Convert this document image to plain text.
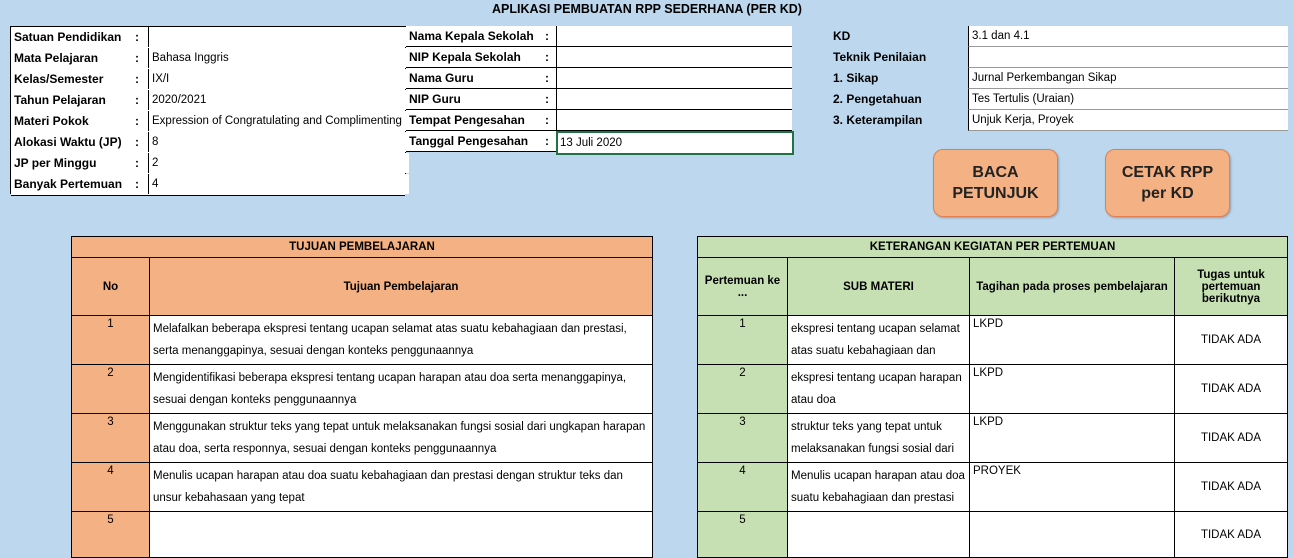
APLIKASI PEMBUATAN RPP SEDERHANA (PER KD)
Satuan Pendidikan	:
Mata Pelajaran	:	Bahasa Inggris
Kelas/Semester	:	IX/I
Tahun Pelajaran	:	2020/2021
Materi Pokok	:	Expression of Congratulating and Complimenting
Alokasi Waktu (JP)	:	8
JP per Minggu	:	2
Banyak Pertemuan	:	4
Nama Kepala Sekolah :
NIP Kepala Sekolah	:
Nama Guru	:
NIP Guru	:
Tempat Pengesahan	:
Tanggal Pengesahan	13 Juli 2020
:
KD	3.1 dan 4.1
Teknik Penilaian
1. Sikap	Jurnal Perkembangan Sikap
2. Pengetahuan	Tes Tertulis (Uraian)
3. Keterampilan	Unjuk Kerja, Proyek
BACA PETUNJUK
CETAK RPP per KD
TUJUAN PEMBELAJARAN	
No	Tujuan Pembelajaran
1	Melafalkan beberapa ekspresi tentang ucapan selamat atas suatu kebahagiaan dan prestasi, serta menanggapinya, sesuai dengan konteks penggunaannya
2	Mengidentifikasi beberapa ekspresi tentang ucapan harapan atau doa serta menanggapinya, sesuai dengan konteks penggunaannya
3	Menggunakan struktur teks yang tepat untuk melaksanakan fungsi sosial dari ungkapan harapan atau doa, serta responnya, sesuai dengan konteks penggunaannya
4	Menulis ucapan harapan atau doa suatu kebahagiaan dan prestasi dengan struktur teks dan unsur kebahasaan yang tepat
5	
KETERANGAN KEGIATAN PER PERTEMUAN			
Pertemuan ke ...	SUB MATERI	Tagihan pada proses pembelajaran	Tugas untuk pertemuan berikutnya
1	ekspresi tentang ucapan selamat atas suatu kebahagiaan dan	LKPD	TIDAK ADA
2	ekspresi tentang ucapan harapan atau doa	LKPD	TIDAK ADA
3	struktur teks yang tepat untuk melaksanakan fungsi sosial dari	LKPD	TIDAK ADA
4	Menulis ucapan harapan atau doa suatu kebahagiaan dan prestasi	PROYEK	TIDAK ADA
5			TIDAK ADA
